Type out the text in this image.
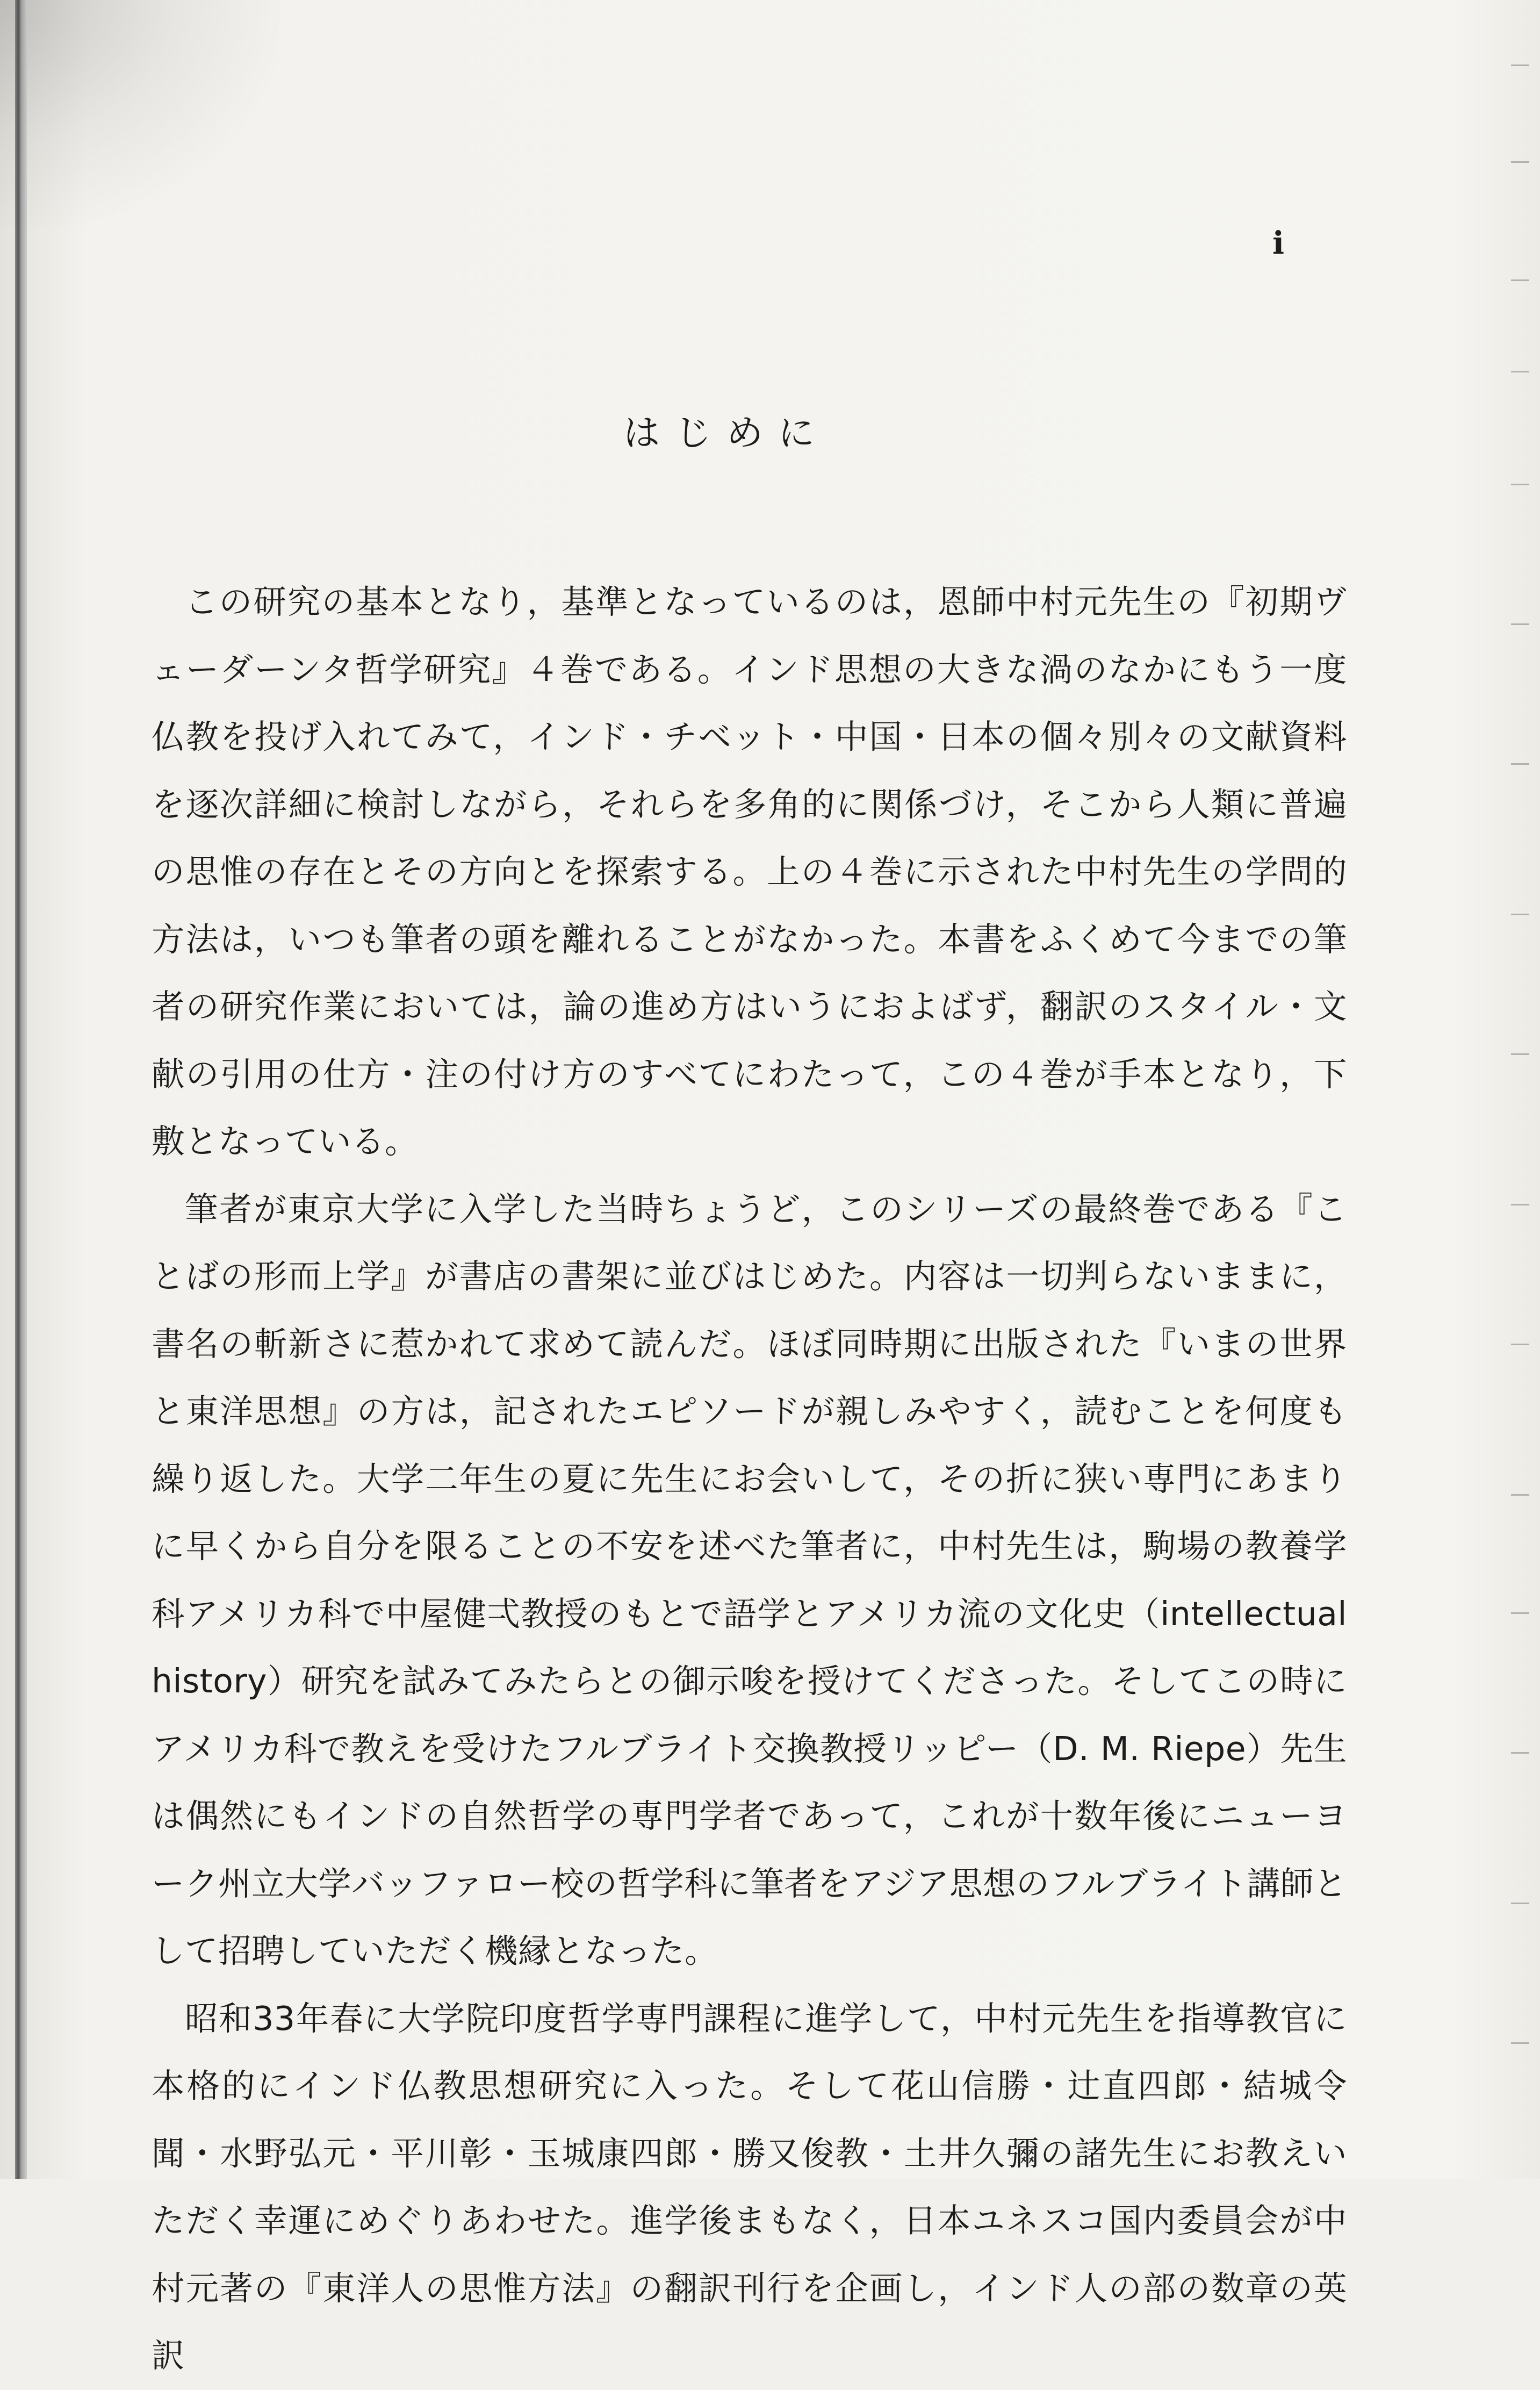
i
はじめに

この研究の基本となり，基準となっているのは，恩師中村元先生の『初期ヴェーダーンタ哲学研究』４巻である。インド思想の大きな渦のなかにもう一度仏教を投げ入れてみて，インド・チベット・中国・日本の個々別々の文献資料を逐次詳細に検討しながら，それらを多角的に関係づけ，そこから人類に普遍の思惟の存在とその方向とを探索する。上の４巻に示された中村先生の学問的方法は，いつも筆者の頭を離れることがなかった。本書をふくめて今までの筆者の研究作業においては，論の進め方はいうにおよばず，翻訳のスタイル・文献の引用の仕方・注の付け方のすべてにわたって，この４巻が手本となり，下敷となっている。

筆者が東京大学に入学した当時ちょうど，このシリーズの最終巻である『ことばの形而上学』が書店の書架に並びはじめた。内容は一切判らないままに，書名の斬新さに惹かれて求めて読んだ。ほぼ同時期に出版された『いまの世界と東洋思想』の方は，記されたエピソードが親しみやすく，読むことを何度も繰り返した。大学二年生の夏に先生にお会いして，その折に狭い専門にあまりに早くから自分を限ることの不安を述べた筆者に，中村先生は，駒場の教養学科アメリカ科で中屋健弌教授のもとで語学とアメリカ流の文化史（intellectual history）研究を試みてみたらとの御示唆を授けてくださった。そしてこの時にアメリカ科で教えを受けたフルブライト交換教授リッピー（D. M. Riepe）先生は偶然にもインドの自然哲学の専門学者であって，これが十数年後にニューヨーク州立大学バッファロー校の哲学科に筆者をアジア思想のフルブライト講師として招聘していただく機縁となった。

昭和33年春に大学院印度哲学専門課程に進学して，中村元先生を指導教官に本格的にインド仏教思想研究に入った。そして花山信勝・辻直四郎・結城令聞・水野弘元・平川彰・玉城康四郎・勝又俊教・土井久彌の諸先生にお教えいただく幸運にめぐりあわせた。進学後まもなく，日本ユネスコ国内委員会が中村元著の『東洋人の思惟方法』の翻訳刊行を企画し，インド人の部の数章の英訳
